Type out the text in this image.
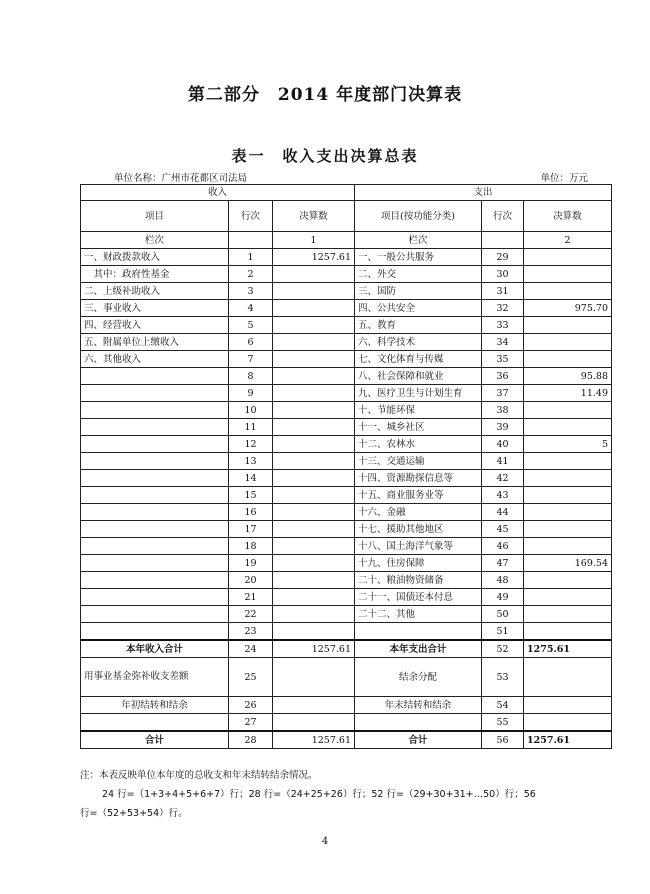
第二部分　2014 年度部门决算表
表一　收入支出决算总表
单位名称：广州市花都区司法局	单位：万元
收入			支出		
项目	行次	决算数	项目(按功能分类)	行次	决算数
栏次		1	栏次		2
一、财政拨款收入	1	1257.61	一、一般公共服务	29	
　其中：政府性基金	2		二、外交	30	
二、上级补助收入	3		三、国防	31	
三、事业收入	4		四、公共安全	32	975.70
四、经营收入	5		五、教育	33	
五、附属单位上缴收入	6		六、科学技术	34	
六、其他收入	7		七、文化体育与传媒	35	
	8		八、社会保障和就业	36	95.88
	9		九、医疗卫生与计划生育	37	11.49
	10		十、节能环保	38	
	11		十一、城乡社区	39	
	12		十二、农林水	40	5
	13		十三、交通运输	41	
	14		十四、资源勘探信息等	42	
	15		十五、商业服务业等	43	
	16		十六、金融	44	
	17		十七、援助其他地区	45	
	18		十八、国土海洋气象等	46	
	19		十九、住房保障	47	169.54
	20		二十、粮油物资储备	48	
	21		二十一、国债还本付息	49	
	22		二十二、其他	50	
	23			51	
本年收入合计	24	1257.61	本年支出合计	52	1275.61
用事业基金弥补收支差额	25		结余分配	53	
年初结转和结余	26		年末结转和结余	54	
	27			55	
合计	28	1257.61	合计	56	1257.61
注：本表反映单位本年度的总收支和年末结转结余情况。
24 行=（1+3+4+5+6+7）行；28 行=（24+25+26）行；52 行=（29+30+31+…50）行；56
行=（52+53+54）行。
4
